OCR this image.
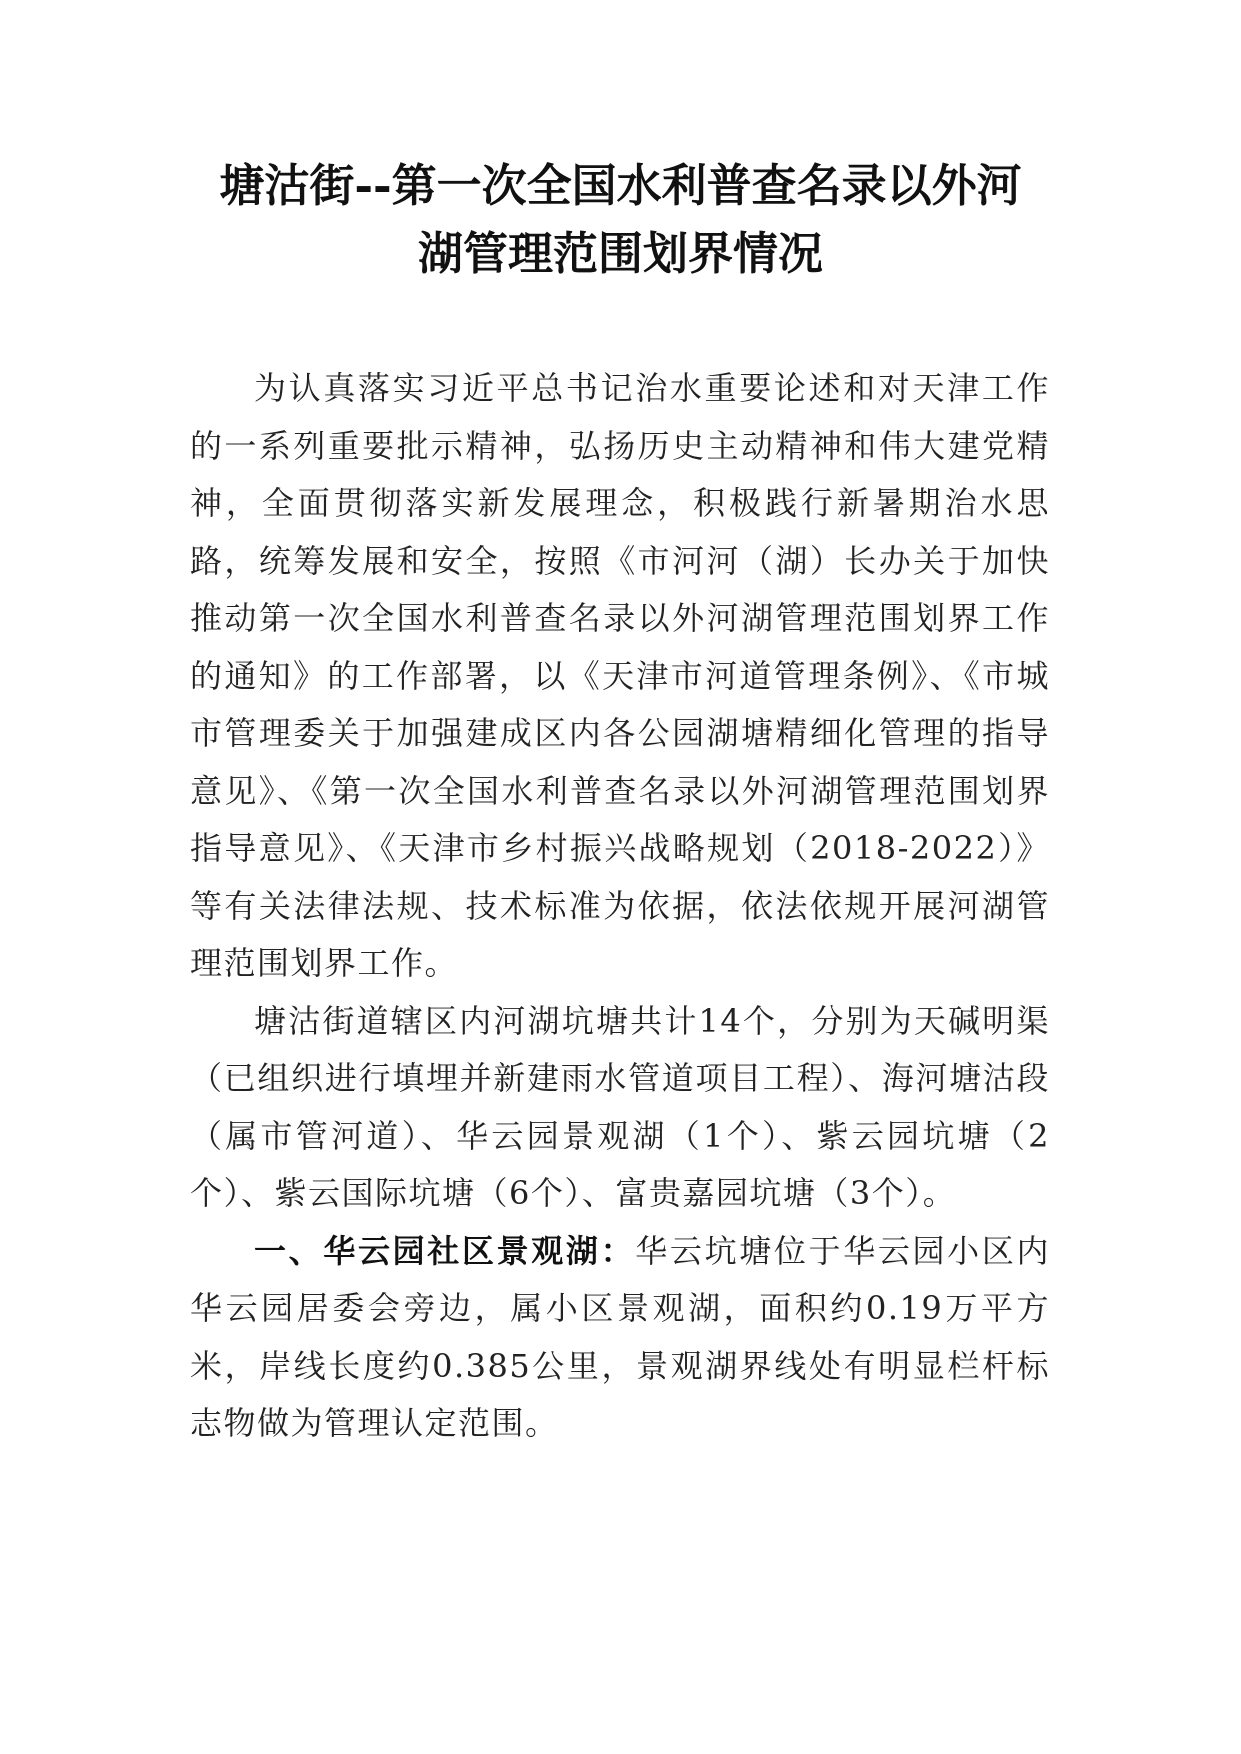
塘沽街--第一次全国水利普查名录以外河
湖管理范围划界情况

为认真落实习近平总书记治水重要论述和对天津工作的一系列重要批示精神，弘扬历史主动精神和伟大建党精神，全面贯彻落实新发展理念，积极践行新暑期治水思路，统筹发展和安全，按照《市河河（湖）长办关于加快推动第一次全国水利普查名录以外河湖管理范围划界工作的通知》的工作部署，以《天津市河道管理条例》、《市城市管理委关于加强建成区内各公园湖塘精细化管理的指导意见》、《第一次全国水利普查名录以外河湖管理范围划界指导意见》、《天津市乡村振兴战略规划（2018-2022）》等有关法律法规、技术标准为依据，依法依规开展河湖管理范围划界工作。

塘沽街道辖区内河湖坑塘共计14个，分别为天碱明渠（已组织进行填埋并新建雨水管道项目工程）、海河塘沽段（属市管河道）、华云园景观湖（1个）、紫云园坑塘（2个）、紫云国际坑塘（6个）、富贵嘉园坑塘（3个）。

一、华云园社区景观湖：华云坑塘位于华云园小区内华云园居委会旁边，属小区景观湖，面积约0.19万平方米，岸线长度约0.385公里，景观湖界线处有明显栏杆标志物做为管理认定范围。
